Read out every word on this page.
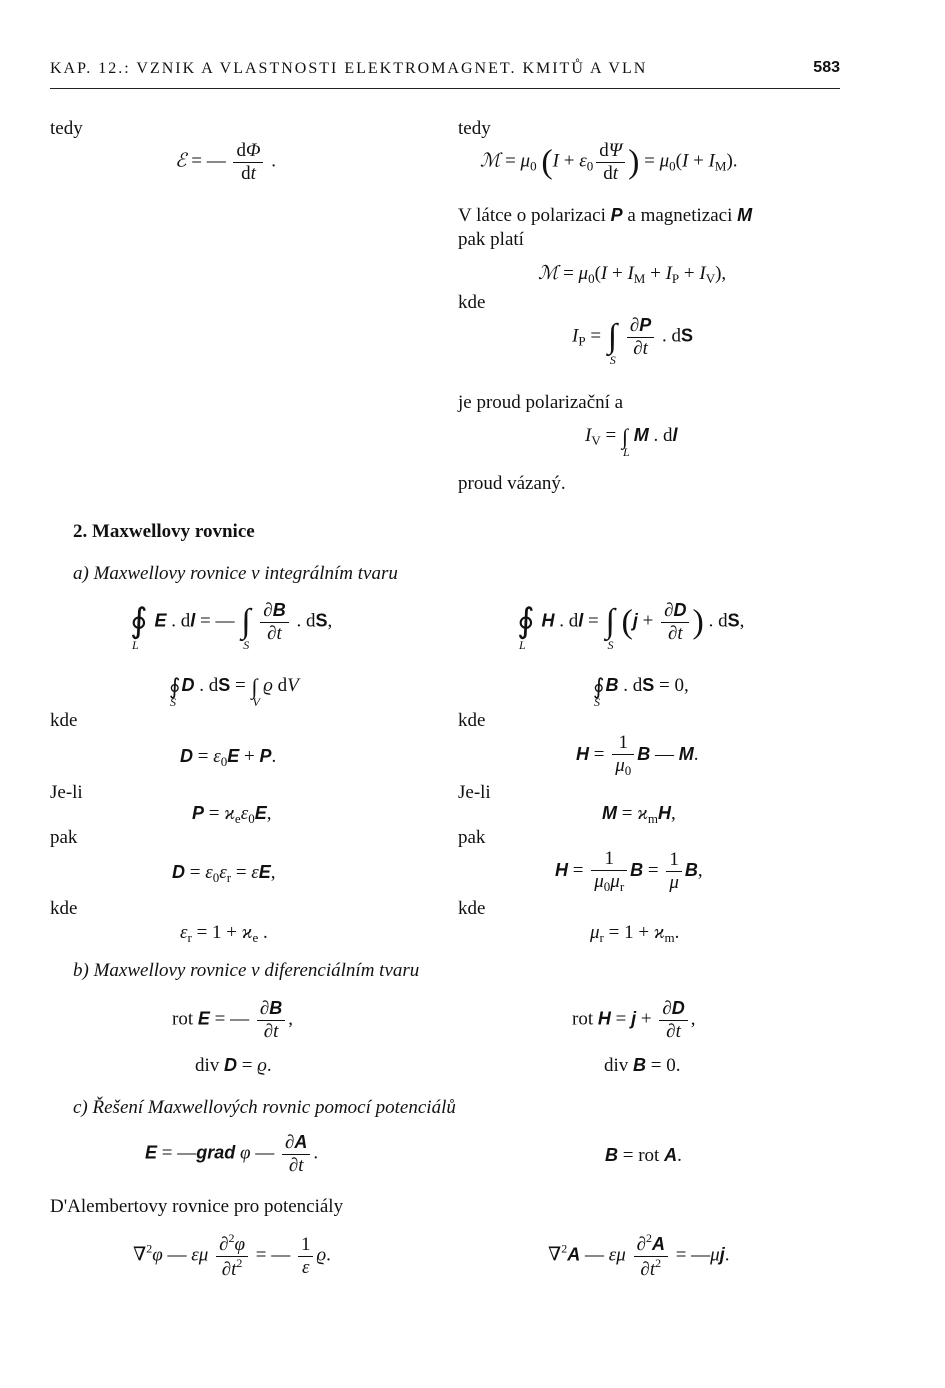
KAP. 12.: VZNIK A VLASTNOSTI ELEKTROMAGNET. KMITŮ A VLN	583
tedy
ℰ = — $\frac{d\Phi}{dt}$ .
tedy
ℳ = $\mu_0$ ($I + \varepsilon_0 \frac{d\Psi}{dt}$ ) = $\mu_0(I + I_M)$.
V látce o polarizaci P a magnetizaci M
pak platí
ℳ = $\mu_0(I + I_M + I_P + I_V)$,
kde
$I_P$ = ∫
S

$\frac{\partial P}{\partial t}$ . dS
je proud polarizační a
$I_V$ = ∫
L
M . dl
proud vázaný.
2. Maxwellovy rovnice
a) Maxwellovy rovnice v integrálním tvaru
∮
L
E . dl = — ∫
S

$\frac{\partial B}{\partial t}$ . dS,	∮
L
H . dl = ∫
S
($j + \frac{\partial D}{\partial t}$ ) . dS,
∮
S
D . dS = ∫
V
ϱ dV	∮
S
B . dS = 0,
kde	kde
$D = \varepsilon_0E + P$.	$H = \frac{1}{\mu_0}$ B — M.
Je-li	Je-li
$P = ϰ_e\varepsilon_0E$,	$M = ϰ_mH$,
pak	pak
$D = \varepsilon_0\varepsilon_r = \varepsilon E$,	$H = \frac{1}{\mu_0\mu_r}$ $B = \frac{1}{\mu} B$,
kde	kde
$\varepsilon_r = 1 + ϰ_e$ .	$\mu_r = 1 + ϰ_m$.
b) Maxwellovy rovnice v diferenciálním tvaru
rot E = — $\frac{\partial B}{\partial t}$ ,	rot $H = j + \frac{\partial D}{\partial t}$ ,
div D = ϱ.	div B = 0.
c) Řešení Maxwellových rovnic pomocí potenciálů
E = —grad φ — $\frac{\partial A}{\partial t}$ .	B = rot A.
D'Alembertovy rovnice pro potenciály
∇$^2$φ — εμ $\frac{\partial^2\varphi}{\partial t^2}$ = — $\frac{1}{\varepsilon} ϱ$.	∇$^2$A — εμ $\frac{\partial^2A}{\partial t^2}$ = —μj.
